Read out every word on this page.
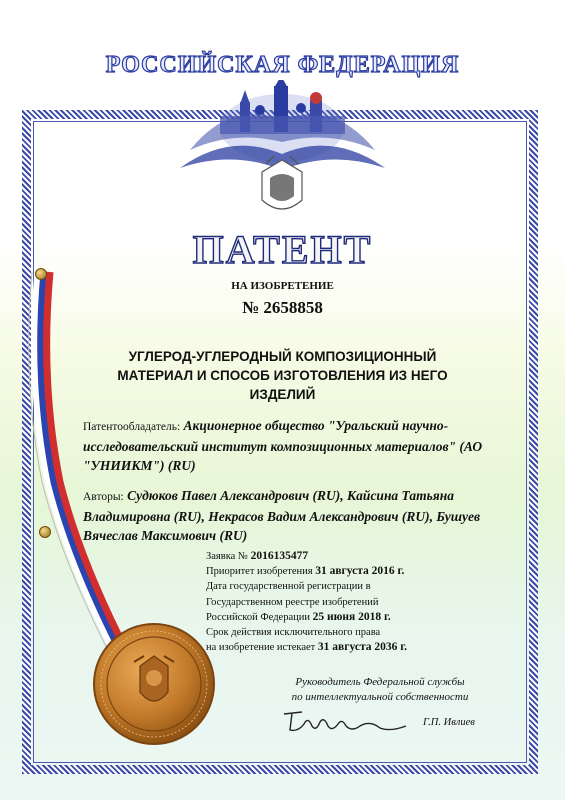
РОССИЙСКАЯ ФЕДЕРАЦИЯ
ПАТЕНТ
НА ИЗОБРЕТЕНИЕ
№ 2658858
УГЛЕРОД-УГЛЕРОДНЫЙ КОМПОЗИЦИОННЫЙ
МАТЕРИАЛ И СПОСОБ ИЗГОТОВЛЕНИЯ ИЗ НЕГО
ИЗДЕЛИЙ
Патентообладатель: Акционерное общество "Уральский научно-исследовательский институт композиционных материалов" (АО "УНИИКМ") (RU)
Авторы: Судюков Павел Александрович (RU), Кайсина Татьяна Владимировна (RU), Некрасов Вадим Александрович (RU), Бушуев Вячеслав Максимович (RU)
Заявка № 2016135477
Приоритет изобретения 31 августа 2016 г.
Дата государственной регистрации в
Государственном реестре изобретений
Российской Федерации 25 июня 2018 г.
Срок действия исключительного права
на изобретение истекает 31 августа 2036 г.
Руководитель Федеральной службы
по интеллектуальной собственности
Г.П. Ивлиев
